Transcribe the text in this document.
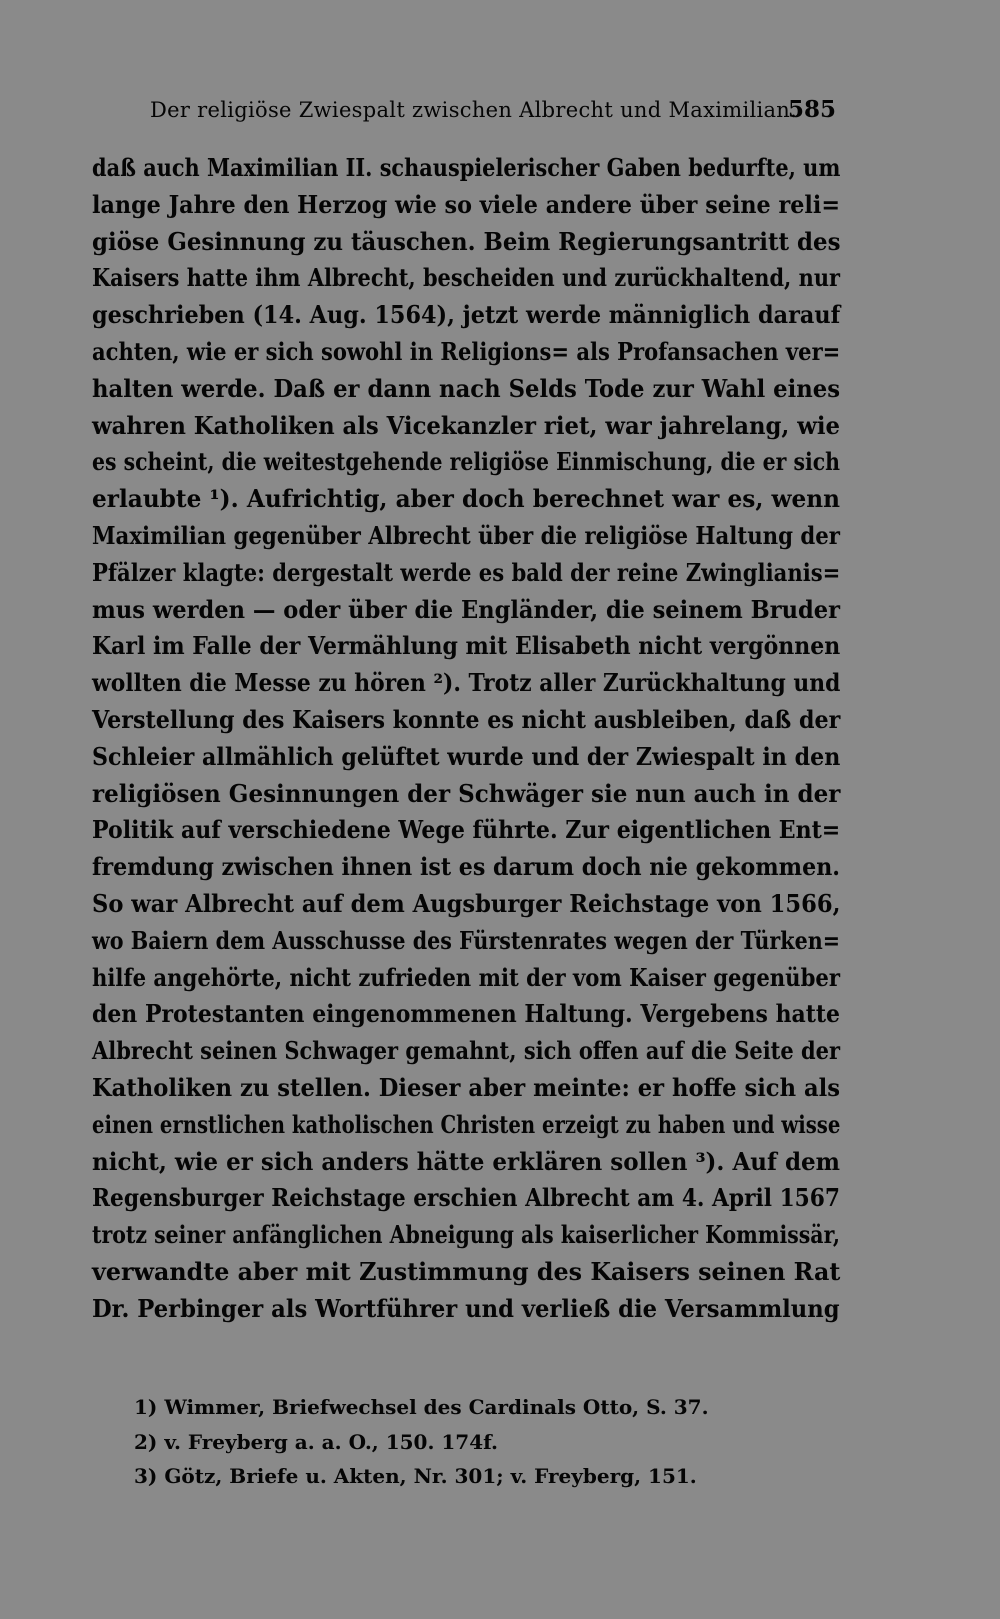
Der religiöse Zwiespalt zwischen Albrecht und Maximilian.
585
daß auch Maximilian II. schauspielerischer Gaben bedurfte, um
lange Jahre den Herzog wie so viele andere über seine reli=
giöse Gesinnung zu täuschen. Beim Regierungsantritt des
Kaisers hatte ihm Albrecht, bescheiden und zurückhaltend, nur
geschrieben (14. Aug. 1564), jetzt werde männiglich darauf
achten, wie er sich sowohl in Religions= als Profansachen ver=
halten werde. Daß er dann nach Selds Tode zur Wahl eines
wahren Katholiken als Vicekanzler riet, war jahrelang, wie
es scheint, die weitestgehende religiöse Einmischung, die er sich
erlaubte ¹). Aufrichtig, aber doch berechnet war es, wenn
Maximilian gegenüber Albrecht über die religiöse Haltung der
Pfälzer klagte: dergestalt werde es bald der reine Zwinglianis=
mus werden — oder über die Engländer, die seinem Bruder
Karl im Falle der Vermählung mit Elisabeth nicht vergönnen
wollten die Messe zu hören ²). Trotz aller Zurückhaltung und
Verstellung des Kaisers konnte es nicht ausbleiben, daß der
Schleier allmählich gelüftet wurde und der Zwiespalt in den
religiösen Gesinnungen der Schwäger sie nun auch in der
Politik auf verschiedene Wege führte. Zur eigentlichen Ent=
fremdung zwischen ihnen ist es darum doch nie gekommen.
So war Albrecht auf dem Augsburger Reichstage von 1566,
wo Baiern dem Ausschusse des Fürstenrates wegen der Türken=
hilfe angehörte, nicht zufrieden mit der vom Kaiser gegenüber
den Protestanten eingenommenen Haltung. Vergebens hatte
Albrecht seinen Schwager gemahnt, sich offen auf die Seite der
Katholiken zu stellen. Dieser aber meinte: er hoffe sich als
einen ernstlichen katholischen Christen erzeigt zu haben und wisse
nicht, wie er sich anders hätte erklären sollen ³). Auf dem
Regensburger Reichstage erschien Albrecht am 4. April 1567
trotz seiner anfänglichen Abneigung als kaiserlicher Kommissär,
verwandte aber mit Zustimmung des Kaisers seinen Rat
Dr. Perbinger als Wortführer und verließ die Versammlung
1) Wimmer, Briefwechsel des Cardinals Otto, S. 37.
2) v. Freyberg a. a. O., 150. 174f.
3) Götz, Briefe u. Akten, Nr. 301; v. Freyberg, 151.
